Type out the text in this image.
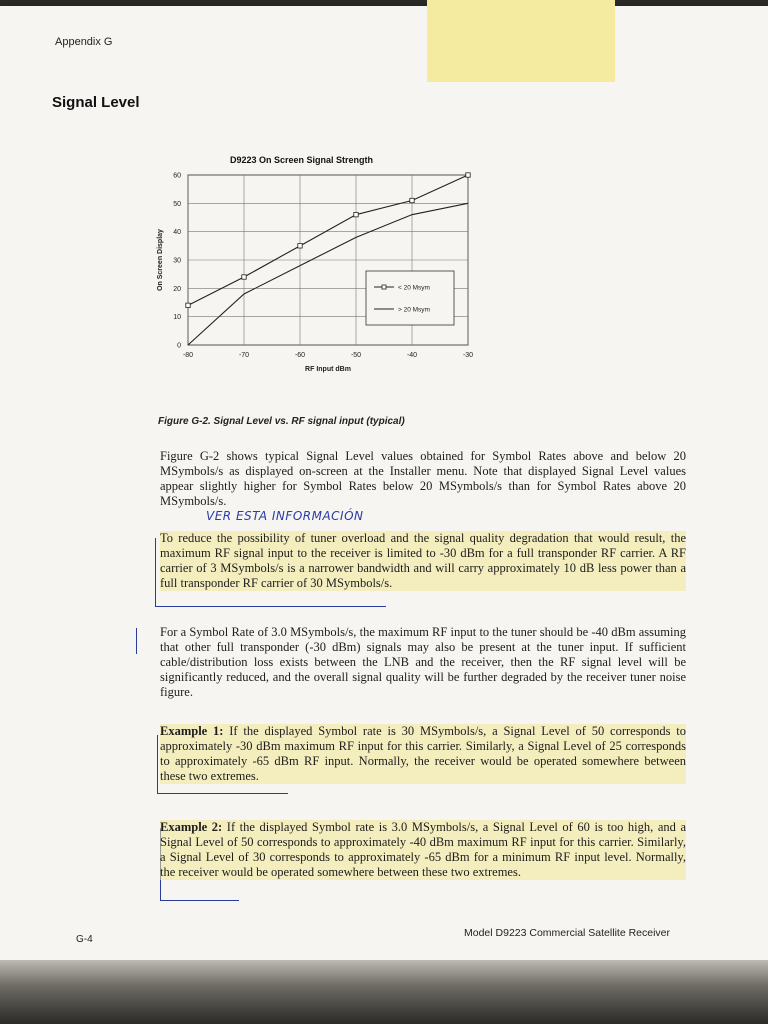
Appendix G
Signal Level
D9223 On Screen Signal Strength
-80	-70	-60	-50	-40	-30
0
10
20
30
40
50
60
RF Input dBm
On Screen Display	< 20 Msym
> 20 Msym
Figure G-2. Signal Level vs. RF signal input (typical)
Figure G-2 shows typical Signal Level values obtained for Symbol Rates above and below 20 MSymbols/s as displayed on-screen at the Installer menu. Note that displayed Signal Level values appear slightly higher for Symbol Rates below 20 MSymbols/s than for Symbol Rates above 20 MSymbols/s.
VER ESTA INFORMACIÓN
To reduce the possibility of tuner overload and the signal quality degradation that would result, the maximum RF signal input to the receiver is limited to -30 dBm for a full transponder RF carrier. A RF carrier of 3 MSymbols/s is a narrower bandwidth and will carry approximately 10 dB less power than a full transponder RF carrier of 30 MSymbols/s.
For a Symbol Rate of 3.0 MSymbols/s, the maximum RF input to the tuner should be -40 dBm assuming that other full transponder (-30 dBm) signals may also be present at the tuner input. If sufficient cable/distribution loss exists between the LNB and the receiver, then the RF signal level will be significantly reduced, and the overall signal quality will be further degraded by the receiver tuner noise figure.
Example 1: If the displayed Symbol rate is 30 MSymbols/s, a Signal Level of 50 corresponds to approximately -30 dBm maximum RF input for this carrier. Similarly, a Signal Level of 25 corresponds to approximately -65 dBm RF input. Normally, the receiver would be operated somewhere between these two extremes.
Example 2: If the displayed Symbol rate is 3.0 MSymbols/s, a Signal Level of 60 is too high, and a Signal Level of 50 corresponds to approximately -40 dBm maximum RF input for this carrier. Similarly, a Signal Level of 30 corresponds to approximately -65 dBm for a minimum RF input level. Normally, the receiver would be operated somewhere between these two extremes.
G-4
Model D9223 Commercial Satellite Receiver
